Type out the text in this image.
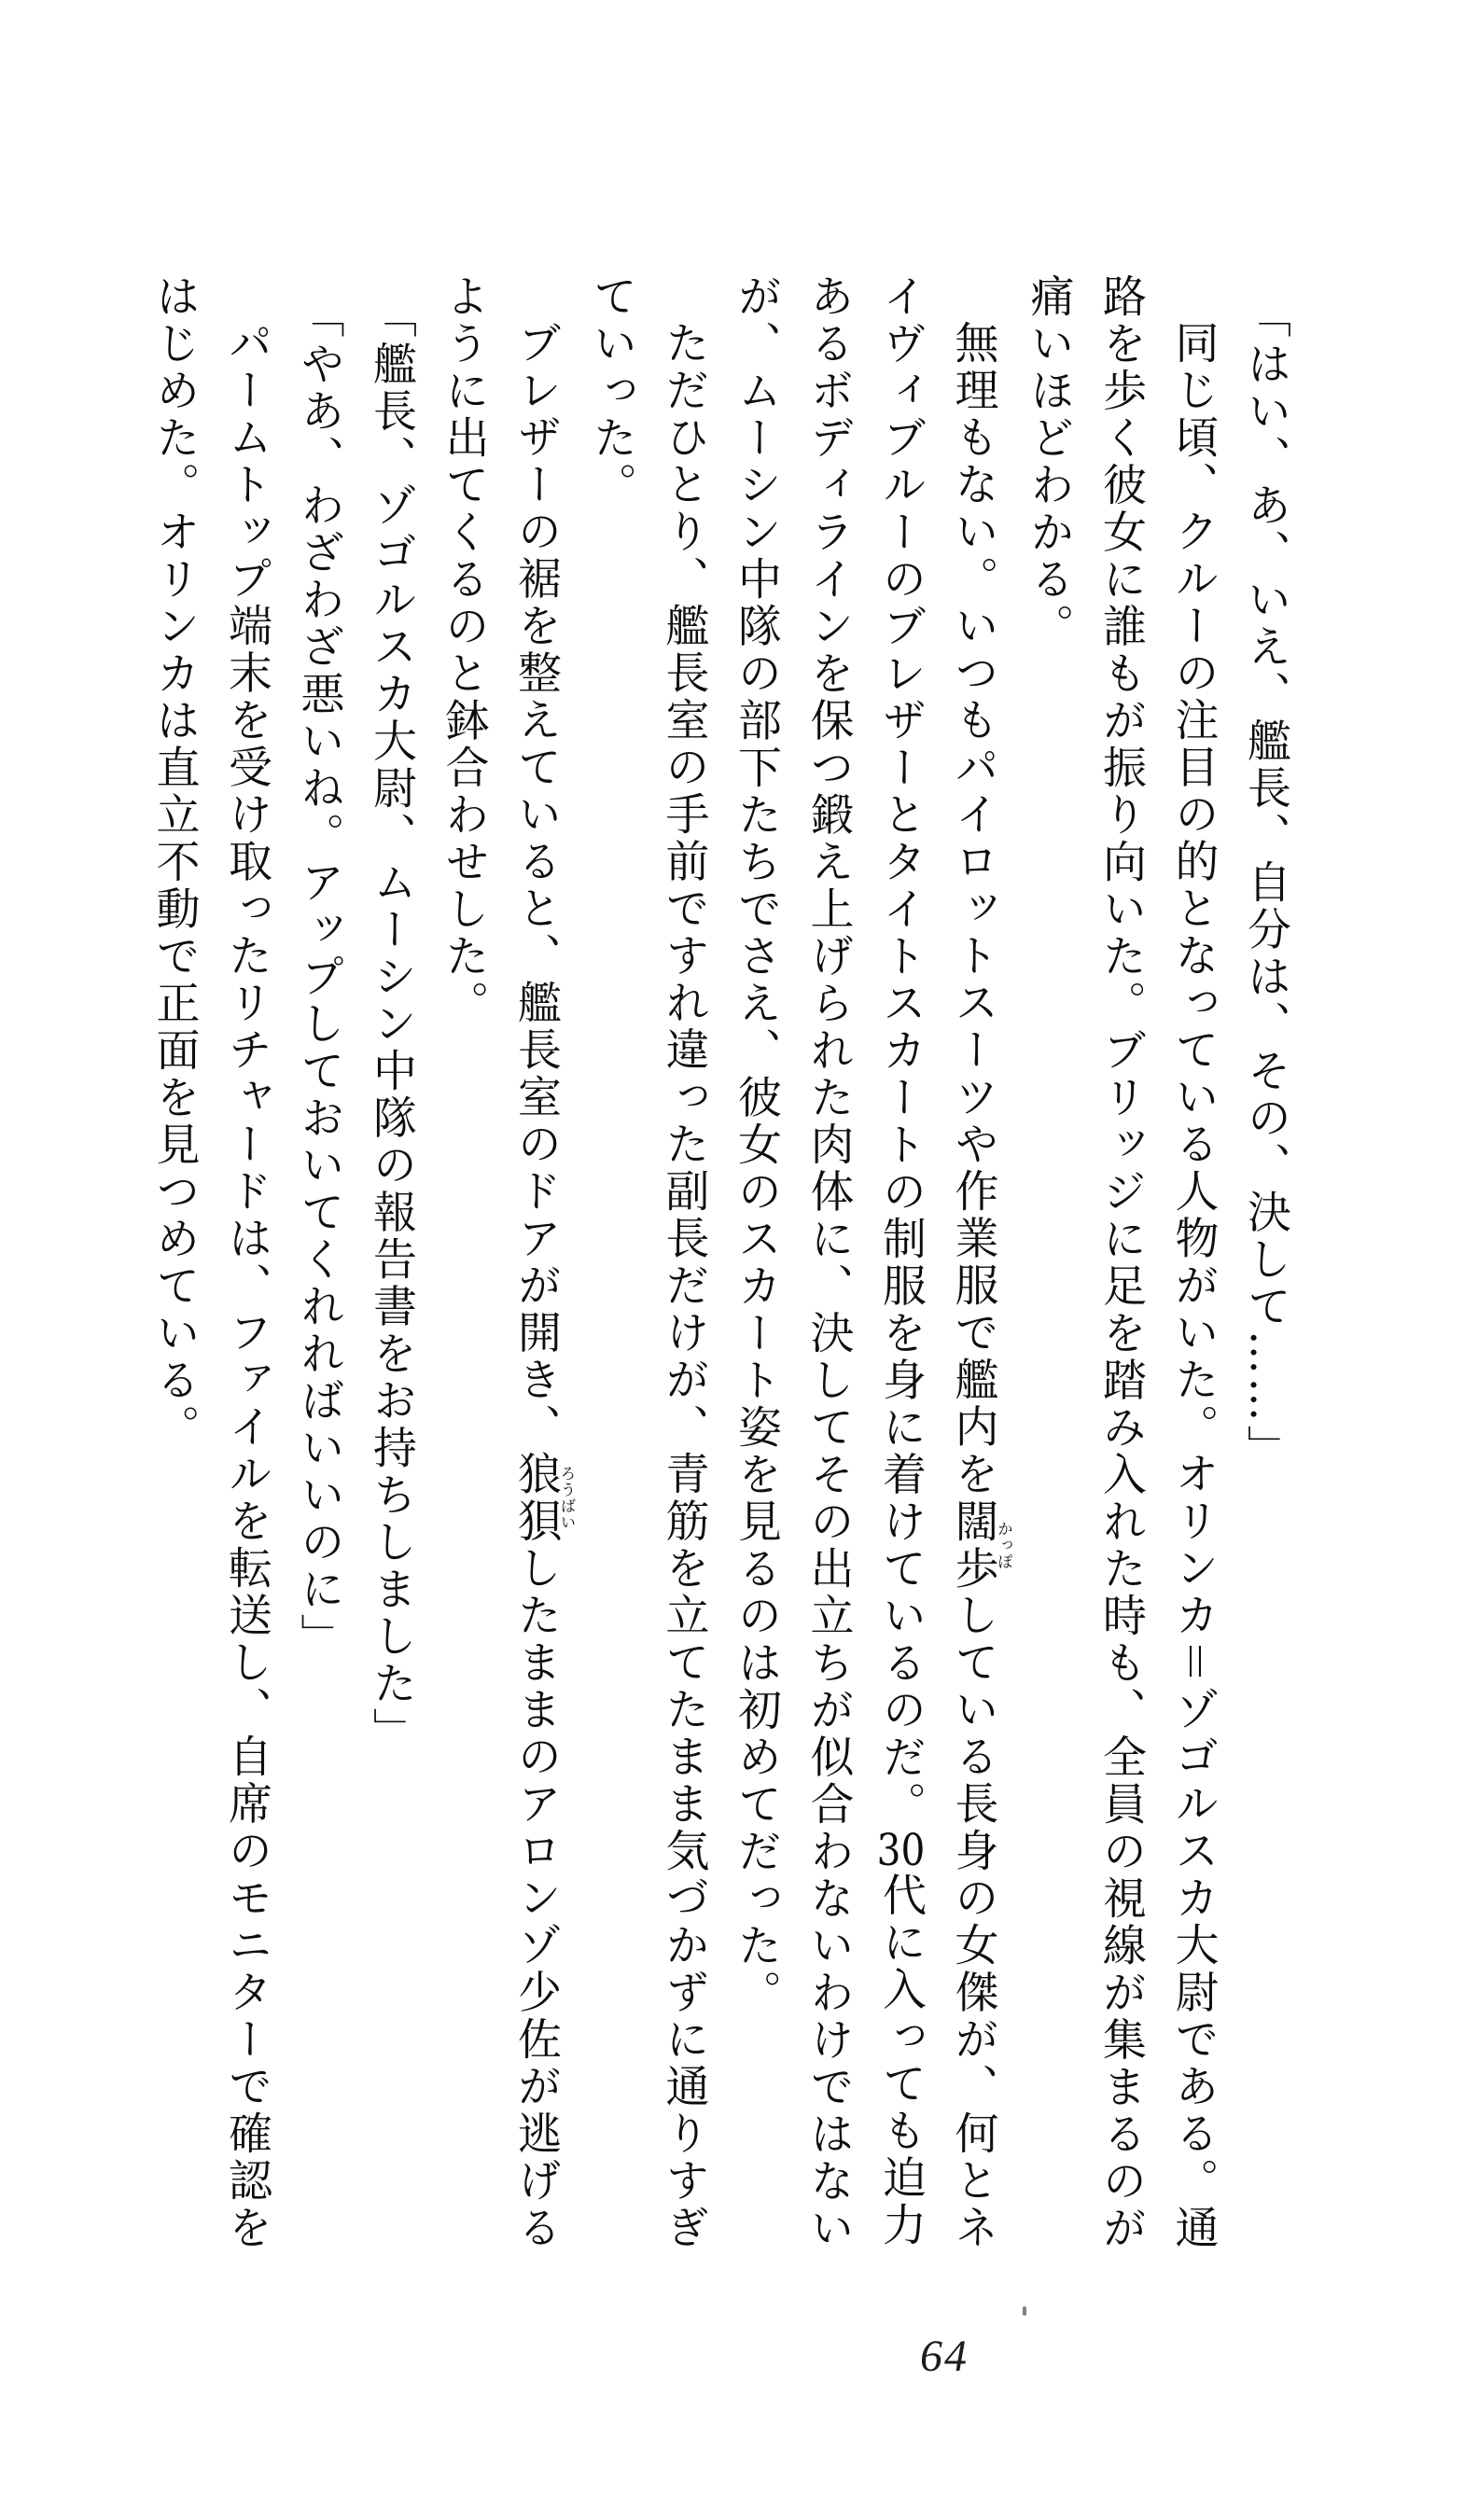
「はい、あ、いえ、艦長、自分は、その、決して……」
同じ頃、クルーの注目の的となっている人物がいた。オリンカ＝ゾゴルスカ大尉である。通
路を歩く彼女に誰もが振り向いた。ブリッジに足を踏み入れた時も、全員の視線が集まるのが
痛いほどわかる。
無理もない。いつもパイロットスーツや作業服で艦内を闊歩かっぽしている長身の女傑が、何とネ
イヴィブルーのブレザーとタイトスカートの制服を身に着けているのだ。30代に入っても迫力
あるボディラインを保つ鍛え上げられた肉体に、決してその出立ちが似合わないわけではない
が、ムーシン中隊の部下たちでさえ、彼女のスカート姿を見るのは初めてだった。
ただひとり、艦長室の手前ですれ違った副長だけが、青筋を立てたまま気づかずに通りすぎ
ていった。
ブレザーの裾を整えていると、艦長室のドアが開き、狼狽ろうばいしたままのアロンゾ少佐が逃げる
ように出てくるのと鉢合わせした。
「艦長、ゾゴルスカ大尉、ムーシン中隊の報告書をお持ちしました」
「やあ、わざわざ悪いね。アップしておいてくれればいいのに」
パームトップ端末を受け取ったリチャードは、ファイルを転送し、自席のモニターで確認を
はじめた。オリンカは直立不動で正面を見つめている。
64
